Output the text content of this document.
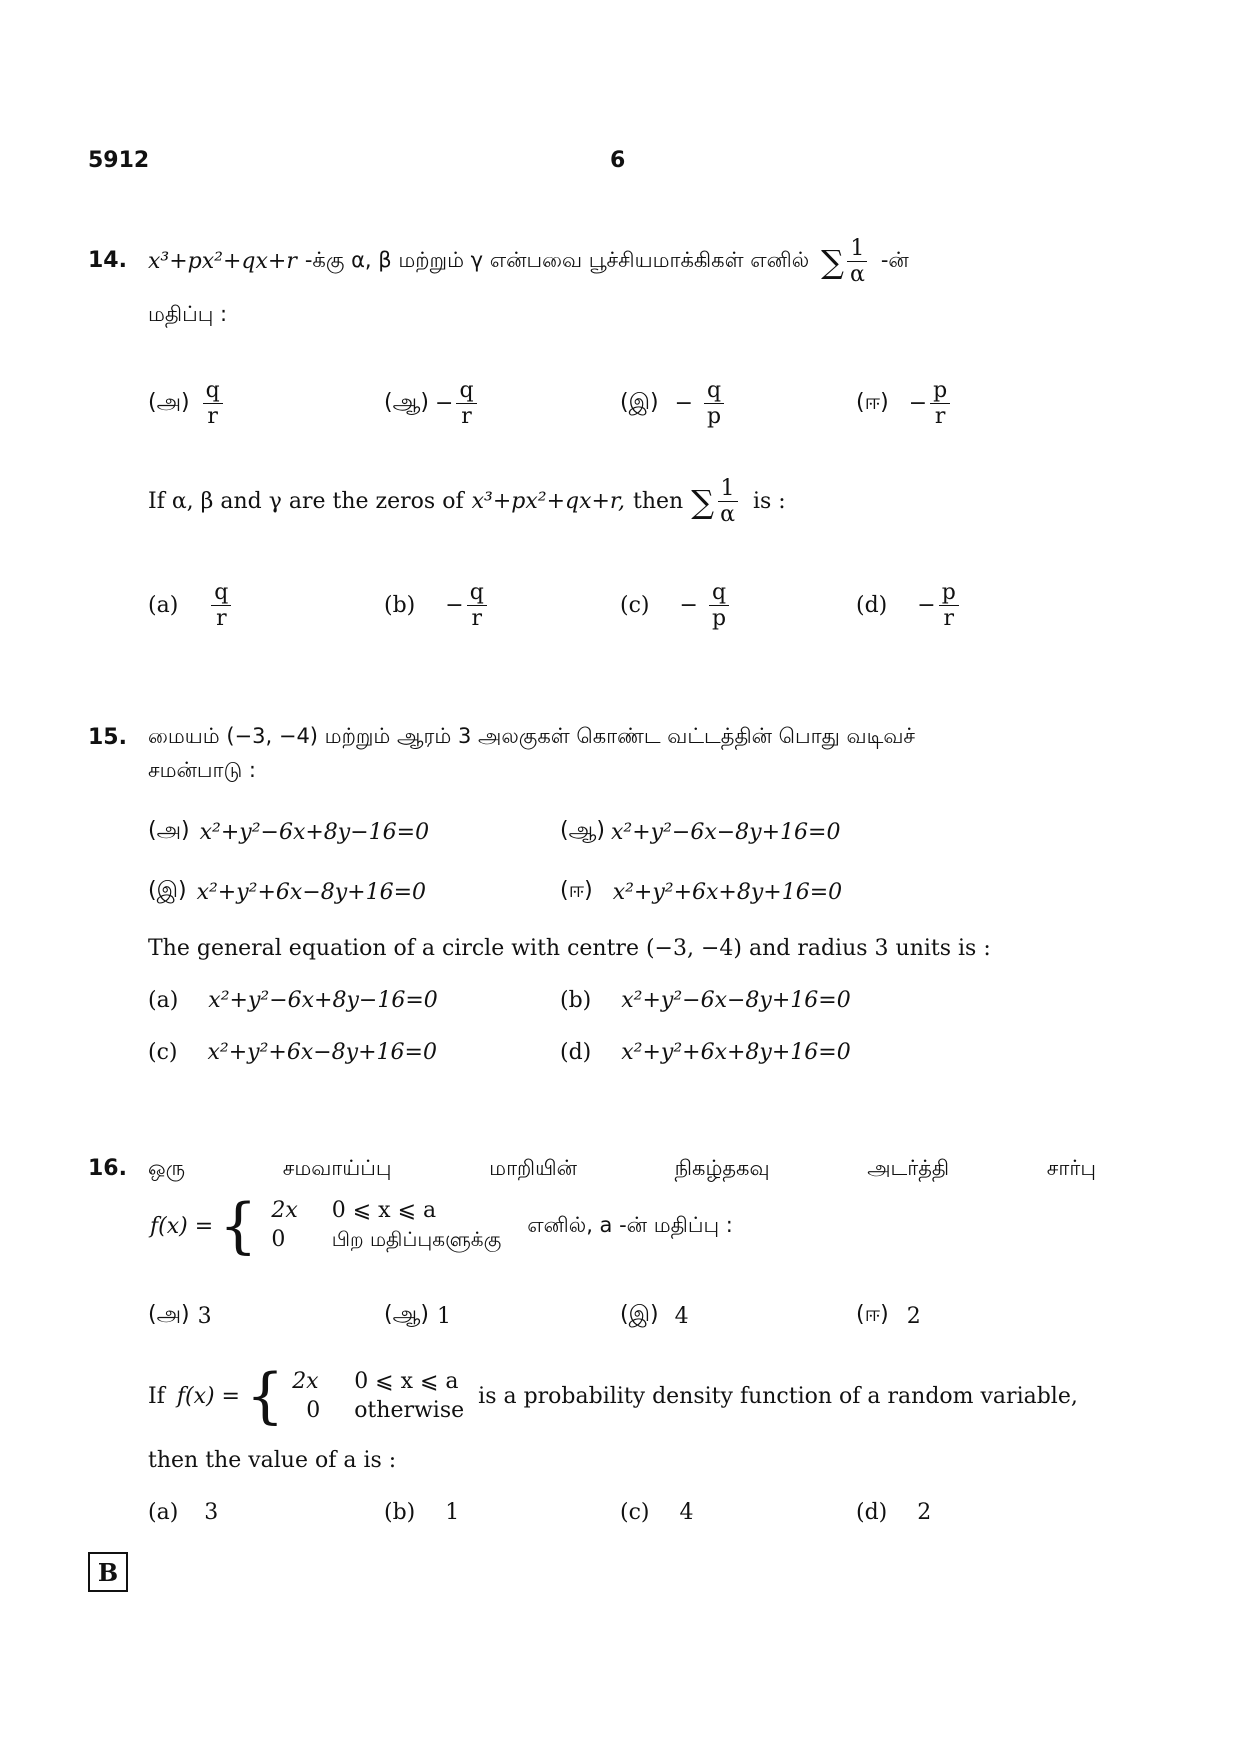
5912	6
14. x³+px²+qx+r -க்கு α, β மற்றும் γ என்பவை பூச்சியமாக்கிகள் எனில் ∑ $\frac{1}{\alpha}$ -ன்
மதிப்பு :
(அ) $\frac{q}{r}$	(ஆ) − $\frac{q}{r}$	(இ) − $\frac{q}{p}$	(ஈ) − $\frac{p}{r}$
If α, β and γ are the zeros of x³+px²+qx+r, then ∑ $\frac{1}{\alpha}$ is :
$(a) \frac{q}{r}$	$(b) - \frac{q}{r}$	$(c) - \frac{q}{p}$	$(d) - \frac{p}{r}$
15. மையம் (−3, −4) மற்றும் ஆரம் 3 அலகுகள் கொண்ட வட்டத்தின் பொது வடிவச்
சமன்பாடு :
(அ) x²+y²−6x+8y−16=0	(ஆ) x²+y²−6x−8y+16=0
(இ) x²+y²+6x−8y+16=0	(ஈ) x²+y²+6x+8y+16=0
The general equation of a circle with centre (−3, −4) and radius 3 units is :
(a) x²+y²−6x+8y−16=0	(b) x²+y²−6x−8y+16=0
(c) x²+y²+6x−8y+16=0	(d) x²+y²+6x+8y+16=0
16. ஒரு	சமவாய்ப்பு	மாறியின்	நிகழ்தகவு	அடர்த்தி	சார்பு
f(x) = { 2x 0 ⩽ x ⩽ a
0	பிற மதிப்புகளுக்கு
எனில், a -ன் மதிப்பு :
(அ) 3	(ஆ) 1	(இ) 4	(ஈ) 2
If f(x) = { 2x 0 ⩽ x ⩽ a
0 otherwise
is a probability density function of a random variable,
then the value of a is :
(a) 3	(b) 1	(c) 4	(d) 2
B
